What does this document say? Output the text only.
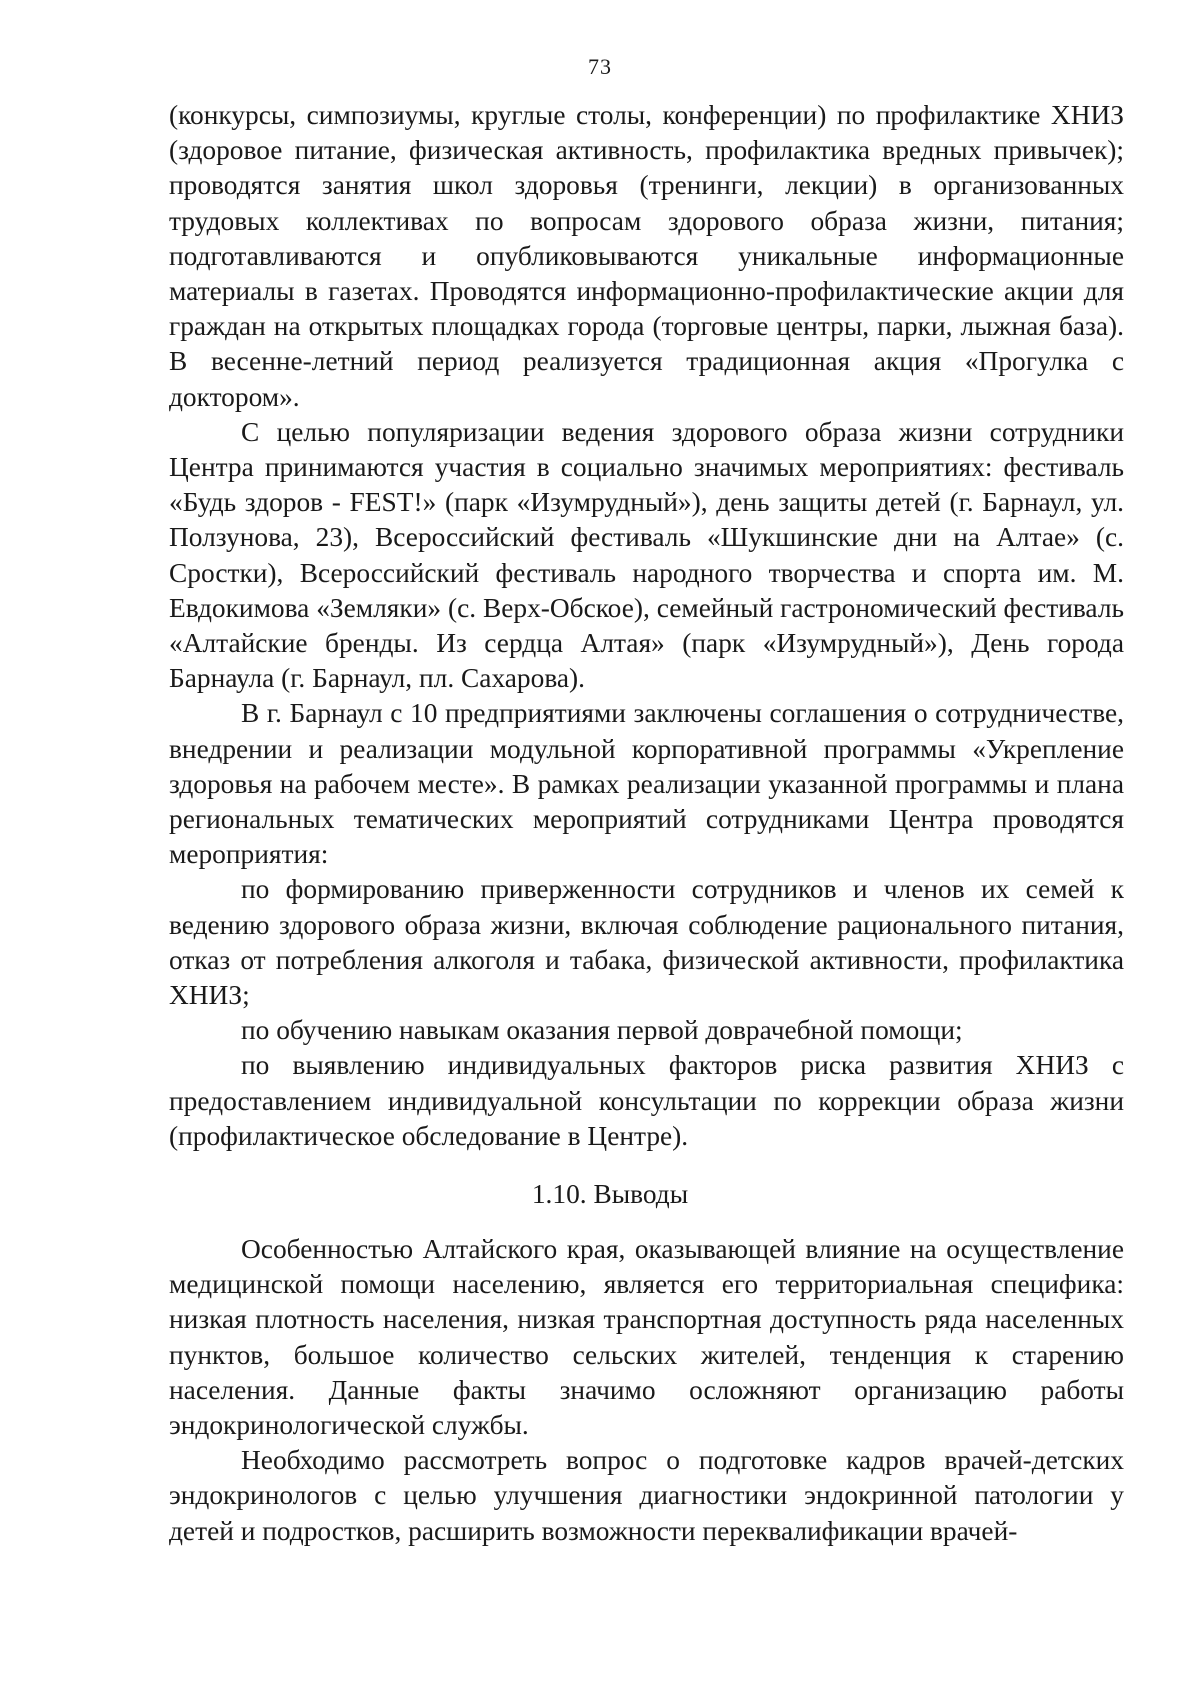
73

(конкурсы, симпозиумы, круглые столы, конференции) по профилактике ХНИЗ (здоровое питание, физическая активность, профилактика вредных привычек); проводятся занятия школ здоровья (тренинги, лекции) в организованных трудовых коллективах по вопросам здорового образа жизни, питания; подготавливаются и опубликовываются уникальные информационные материалы в газетах. Проводятся информационно-профилактические акции для граждан на открытых площадках города (торговые центры, парки, лыжная база). В весенне-летний период реализуется традиционная акция «Прогулка с доктором».

С целью популяризации ведения здорового образа жизни сотрудники Центра принимаются участия в социально значимых мероприятиях: фестиваль «Будь здоров - FEST!» (парк «Изумрудный»), день защиты детей (г. Барнаул, ул. Ползунова, 23), Всероссийский фестиваль «Шукшинские дни на Алтае» (с. Сростки), Всероссийский фестиваль народного творчества и спорта им. М. Евдокимова «Земляки» (с. Верх-Обское), семейный гастрономический фестиваль «Алтайские бренды. Из сердца Алтая» (парк «Изумрудный»), День города Барнаула (г. Барнаул, пл. Сахарова).

В г. Барнаул с 10 предприятиями заключены соглашения о сотрудничестве, внедрении и реализации модульной корпоративной программы «Укрепление здоровья на рабочем месте». В рамках реализации указанной программы и плана региональных тематических мероприятий сотрудниками Центра проводятся мероприятия:

по формированию приверженности сотрудников и членов их семей к ведению здорового образа жизни, включая соблюдение рационального питания, отказ от потребления алкоголя и табака, физической активности, профилактика ХНИЗ;

по обучению навыкам оказания первой доврачебной помощи;

по выявлению индивидуальных факторов риска развития ХНИЗ с предоставлением индивидуальной консультации по коррекции образа жизни (профилактическое обследование в Центре).

1.10. Выводы

Особенностью Алтайского края, оказывающей влияние на осуществление медицинской помощи населению, является его территориальная специфика: низкая плотность населения, низкая транспортная доступность ряда населенных пунктов, большое количество сельских жителей, тенденция к старению населения. Данные факты значимо осложняют организацию работы эндокринологической службы.

Необходимо рассмотреть вопрос о подготовке кадров врачей-детских эндокринологов с целью улучшения диагностики эндокринной патологии у детей и подростков, расширить возможности переквалификации врачей-
